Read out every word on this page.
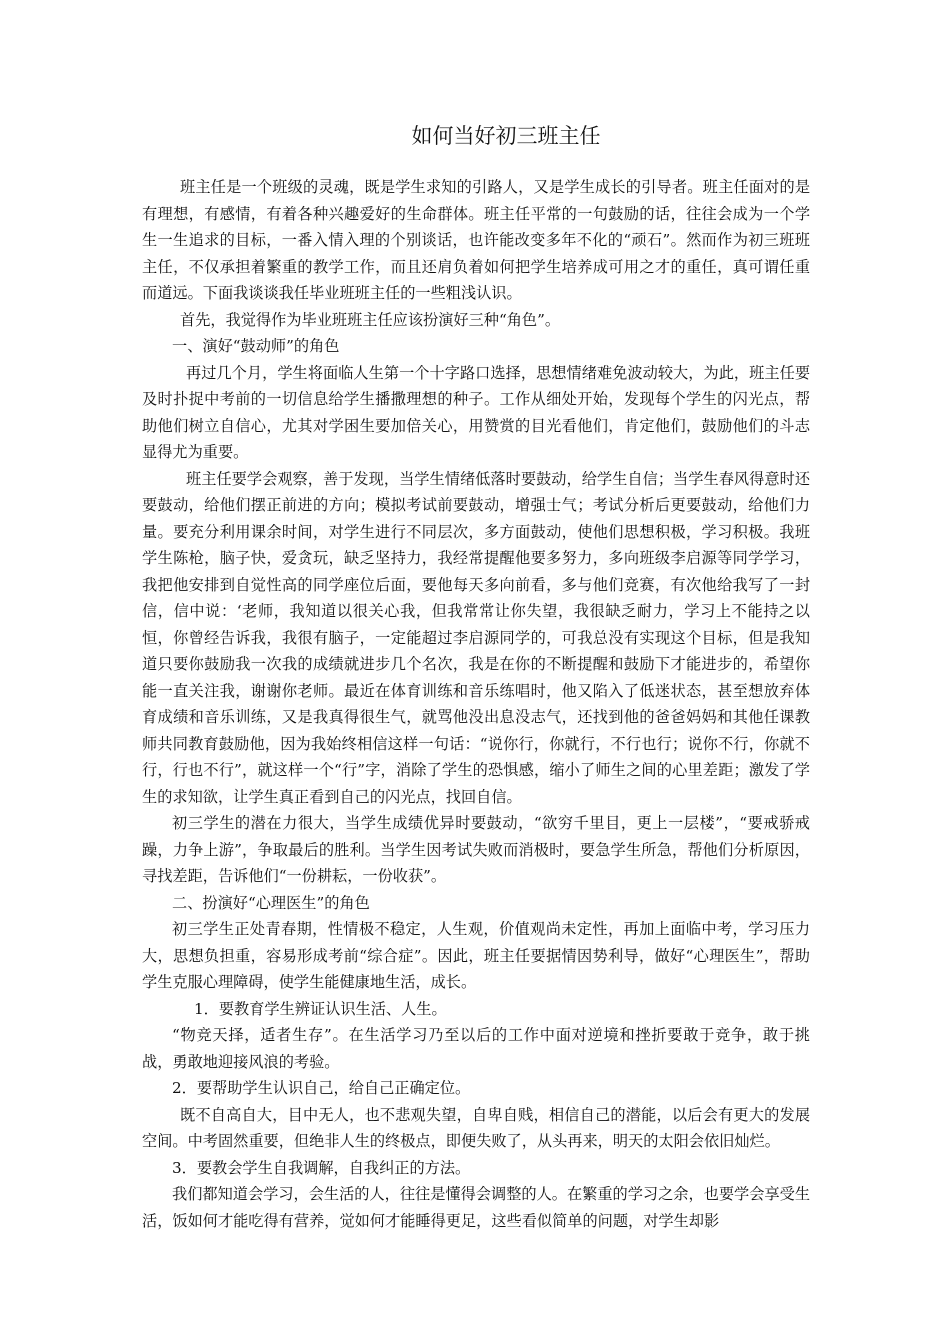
如何当好初三班主任

班主任是一个班级的灵魂，既是学生求知的引路人，又是学生成长的引导者。班主任面对的是有理想，有感情，有着各种兴趣爱好的生命群体。班主任平常的一句鼓励的话，往往会成为一个学生一生追求的目标，一番入情入理的个别谈话，也许能改变多年不化的“顽石”。然而作为初三班班主任，不仅承担着繁重的教学工作，而且还肩负着如何把学生培养成可用之才的重任，真可谓任重而道远。下面我谈谈我任毕业班班主任的一些粗浅认识。

首先，我觉得作为毕业班班主任应该扮演好三种“角色”。

一、演好“鼓动师”的角色

再过几个月，学生将面临人生第一个十字路口选择，思想情绪难免波动较大，为此，班主任要及时扑捉中考前的一切信息给学生播撒理想的种子。工作从细处开始，发现每个学生的闪光点，帮助他们树立自信心，尤其对学困生要加倍关心，用赞赏的目光看他们，肯定他们，鼓励他们的斗志显得尤为重要。

班主任要学会观察，善于发现，当学生情绪低落时要鼓动，给学生自信；当学生春风得意时还要鼓动，给他们摆正前进的方向；模拟考试前要鼓动，增强士气；考试分析后更要鼓动，给他们力量。要充分利用课余时间，对学生进行不同层次，多方面鼓动，使他们思想积极，学习积极。我班学生陈枪，脑子快，爱贪玩，缺乏坚持力，我经常提醒他要多努力，多向班级李启源等同学学习，我把他安排到自觉性高的同学座位后面，要他每天多向前看，多与他们竞赛，有次他给我写了一封信，信中说：‘老师，我知道以很关心我，但我常常让你失望，我很缺乏耐力，学习上不能持之以恒，你曾经告诉我，我很有脑子，一定能超过李启源同学的，可我总没有实现这个目标，但是我知道只要你鼓励我一次我的成绩就进步几个名次，我是在你的不断提醒和鼓励下才能进步的，希望你能一直关注我，谢谢你老师。最近在体育训练和音乐练唱时，他又陷入了低迷状态，甚至想放弃体育成绩和音乐训练，又是我真得很生气，就骂他没出息没志气，还找到他的爸爸妈妈和其他任课教师共同教育鼓励他，因为我始终相信这样一句话：“说你行，你就行，不行也行；说你不行，你就不行，行也不行”，就这样一个“行”字，消除了学生的恐惧感，缩小了师生之间的心里差距；激发了学生的求知欲，让学生真正看到自己的闪光点，找回自信。

初三学生的潜在力很大，当学生成绩优异时要鼓动，“欲穷千里目，更上一层楼”，“要戒骄戒躁，力争上游”，争取最后的胜利。当学生因考试失败而消极时，要急学生所急，帮他们分析原因，寻找差距，告诉他们“一份耕耘，一份收获”。

二、扮演好“心理医生”的角色

初三学生正处青春期，性情极不稳定，人生观，价值观尚未定性，再加上面临中考，学习压力大，思想负担重，容易形成考前“综合症”。因此，班主任要据情因势利导，做好“心理医生”，帮助学生克服心理障碍，使学生能健康地生活，成长。

1．要教育学生辨证认识生活、人生。

“物竞天择，适者生存”。在生活学习乃至以后的工作中面对逆境和挫折要敢于竞争，敢于挑战，勇敢地迎接风浪的考验。

2．要帮助学生认识自己，给自己正确定位。

既不自高自大，目中无人，也不悲观失望，自卑自贱，相信自己的潜能，以后会有更大的发展空间。中考固然重要，但绝非人生的终极点，即便失败了，从头再来，明天的太阳会依旧灿烂。

3．要教会学生自我调解，自我纠正的方法。

我们都知道会学习，会生活的人，往往是懂得会调整的人。在繁重的学习之余，也要学会享受生活，饭如何才能吃得有营养，觉如何才能睡得更足，这些看似简单的问题，对学生却影
